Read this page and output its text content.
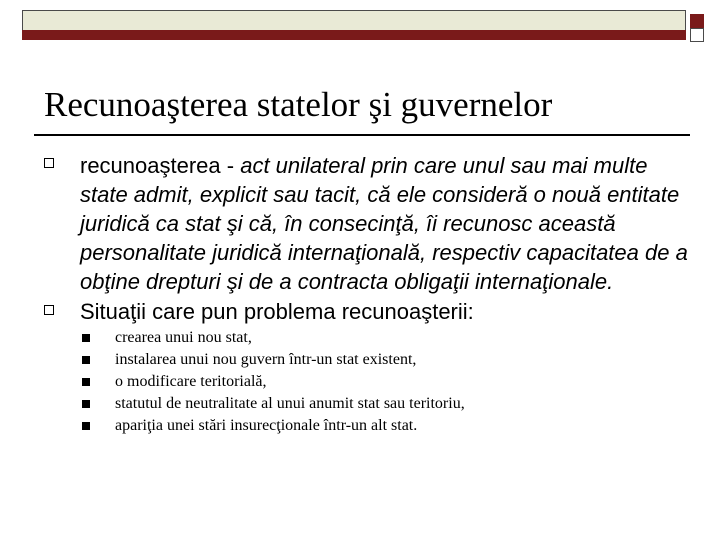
Recunoaşterea statelor şi guvernelor
recunoaşterea - act unilateral prin care unul sau mai multe state admit, explicit sau tacit, că ele consideră o nouă entitate juridică ca stat şi că, în consecinţă, îi recunosc această personalitate juridică internaţională, respectiv capacitatea de a obţine drepturi şi de a contracta obligaţii internaţionale.
Situaţii care pun problema recunoaşterii:
crearea unui nou stat,
instalarea unui nou guvern într-un stat existent,
o modificare teritorială,
statutul de neutralitate al unui anumit stat sau teritoriu,
apariţia unei stări insurecţionale într-un alt stat.
